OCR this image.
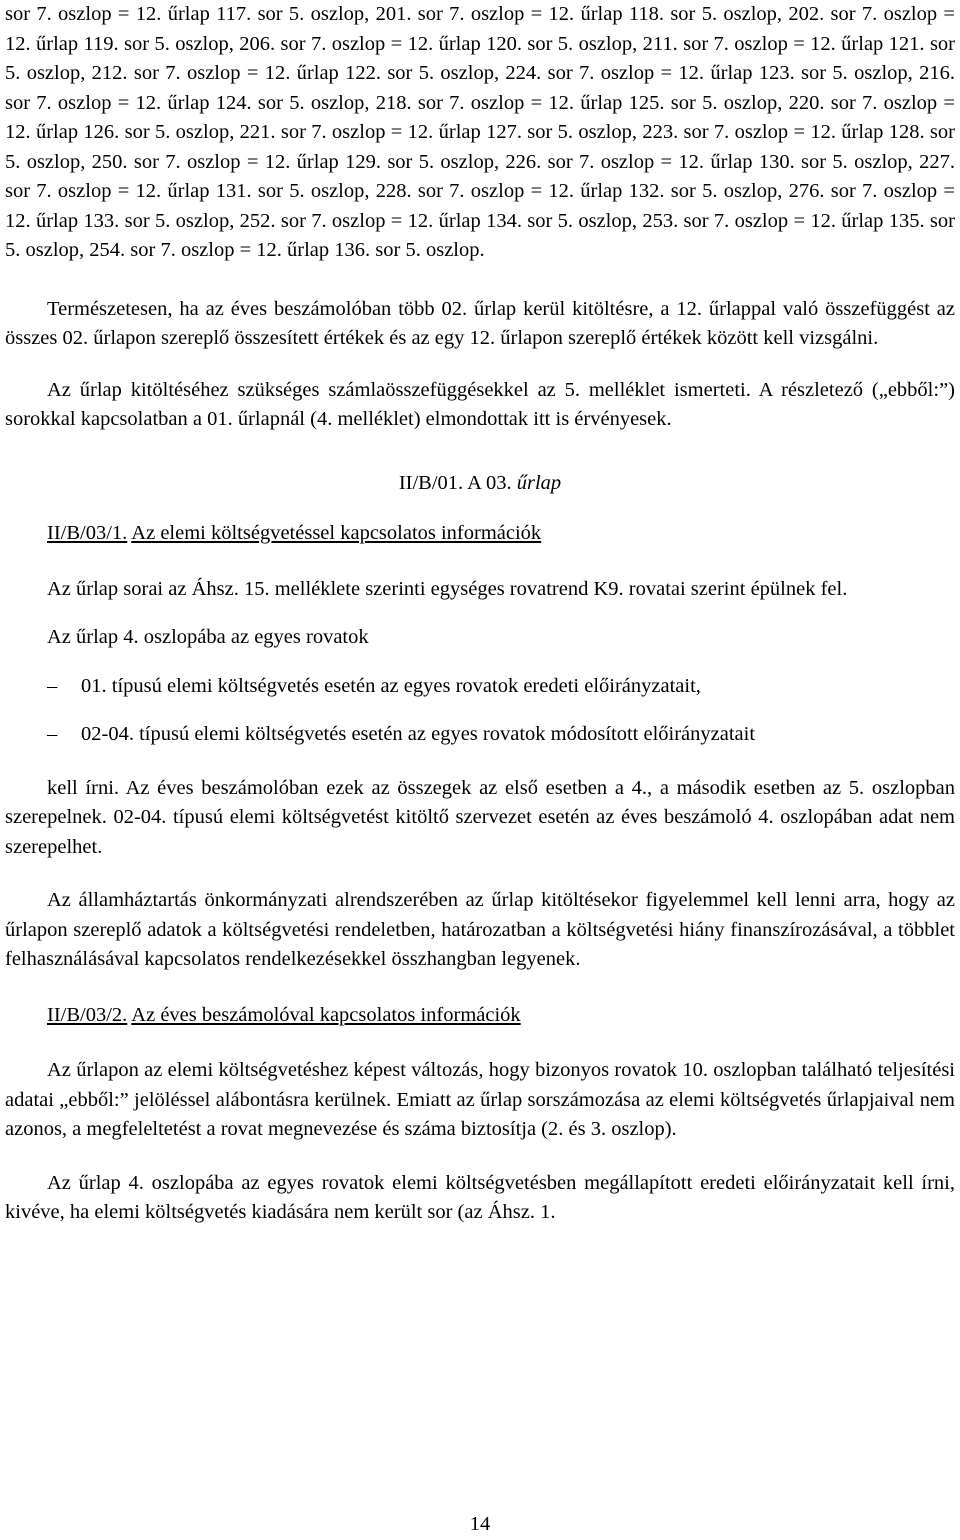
sor 7. oszlop = 12. űrlap 117. sor 5. oszlop, 201. sor 7. oszlop = 12. űrlap 118. sor 5. oszlop, 202. sor 7. oszlop = 12. űrlap 119. sor 5. oszlop, 206. sor 7. oszlop = 12. űrlap 120. sor 5. oszlop, 211. sor 7. oszlop = 12. űrlap 121. sor 5. oszlop, 212. sor 7. oszlop = 12. űrlap 122. sor 5. oszlop, 224. sor 7. oszlop = 12. űrlap 123. sor 5. oszlop, 216. sor 7. oszlop = 12. űrlap 124. sor 5. oszlop, 218. sor 7. oszlop = 12. űrlap 125. sor 5. oszlop, 220. sor 7. oszlop = 12. űrlap 126. sor 5. oszlop, 221. sor 7. oszlop = 12. űrlap 127. sor 5. oszlop, 223. sor 7. oszlop = 12. űrlap 128. sor 5. oszlop, 250. sor 7. oszlop = 12. űrlap 129. sor 5. oszlop, 226. sor 7. oszlop = 12. űrlap 130. sor 5. oszlop, 227. sor 7. oszlop = 12. űrlap 131. sor 5. oszlop, 228. sor 7. oszlop = 12. űrlap 132. sor 5. oszlop, 276. sor 7. oszlop = 12. űrlap 133. sor 5. oszlop, 252. sor 7. oszlop = 12. űrlap 134. sor 5. oszlop, 253. sor 7. oszlop = 12. űrlap 135. sor 5. oszlop, 254. sor 7. oszlop = 12. űrlap 136. sor 5. oszlop.

Természetesen, ha az éves beszámolóban több 02. űrlap kerül kitöltésre, a 12. űrlappal való összefüggést az összes 02. űrlapon szereplő összesített értékek és az egy 12. űrlapon szereplő értékek között kell vizsgálni.

Az űrlap kitöltéséhez szükséges számlaösszefüggésekkel az 5. melléklet ismerteti. A részletező („ebből:”) sorokkal kapcsolatban a 01. űrlapnál (4. melléklet) elmondottak itt is érvényesek.

II/B/01. A 03. űrlap

II/B/03/1. Az elemi költségvetéssel kapcsolatos információk

Az űrlap sorai az Áhsz. 15. melléklete szerinti egységes rovatrend K9. rovatai szerint épülnek fel.

Az űrlap 4. oszlopába az egyes rovatok

– 01. típusú elemi költségvetés esetén az egyes rovatok eredeti előirányzatait,

– 02-04. típusú elemi költségvetés esetén az egyes rovatok módosított előirányzatait

kell írni. Az éves beszámolóban ezek az összegek az első esetben a 4., a második esetben az 5. oszlopban szerepelnek. 02-04. típusú elemi költségvetést kitöltő szervezet esetén az éves beszámoló 4. oszlopában adat nem szerepelhet.

Az államháztartás önkormányzati alrendszerében az űrlap kitöltésekor figyelemmel kell lenni arra, hogy az űrlapon szereplő adatok a költségvetési rendeletben, határozatban a költségvetési hiány finanszírozásával, a többlet felhasználásával kapcsolatos rendelkezésekkel összhangban legyenek.

II/B/03/2. Az éves beszámolóval kapcsolatos információk

Az űrlapon az elemi költségvetéshez képest változás, hogy bizonyos rovatok 10. oszlopban található teljesítési adatai „ebből:” jelöléssel alábontásra kerülnek. Emiatt az űrlap sorszámozása az elemi költségvetés űrlapjaival nem azonos, a megfeleltetést a rovat megnevezése és száma biztosítja (2. és 3. oszlop).

Az űrlap 4. oszlopába az egyes rovatok elemi költségvetésben megállapított eredeti előirányzatait kell írni, kivéve, ha elemi költségvetés kiadására nem került sor (az Áhsz. 1.

14
